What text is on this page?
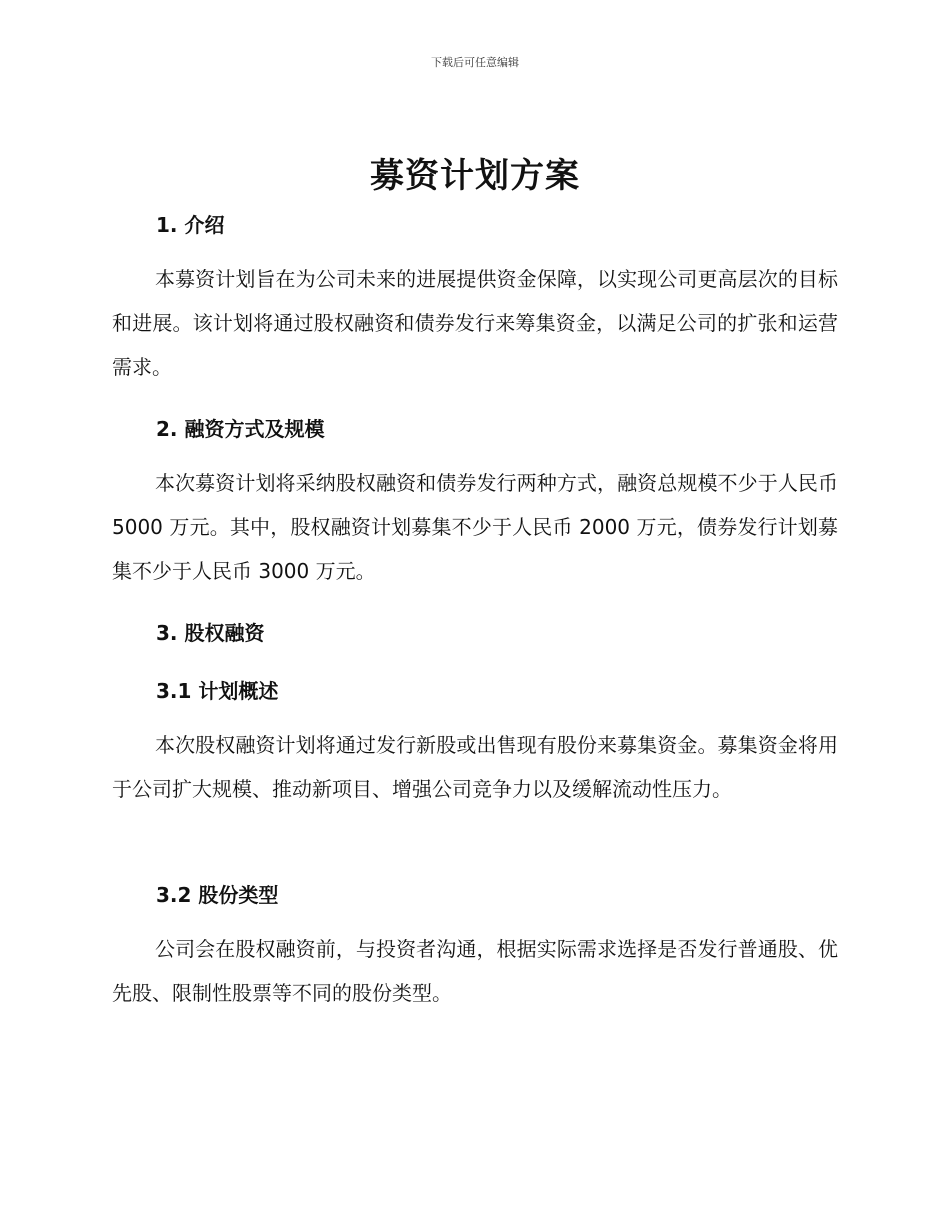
下载后可任意编辑
募资计划方案
1. 介绍
本募资计划旨在为公司未来的进展提供资金保障，以实现公司更高层次的目标和进展。该计划将通过股权融资和债券发行来筹集资金，以满足公司的扩张和运营需求。
2. 融资方式及规模
本次募资计划将采纳股权融资和债券发行两种方式，融资总规模不少于人民币 5000 万元。其中，股权融资计划募集不少于人民币 2000 万元，债券发行计划募集不少于人民币 3000 万元。
3. 股权融资
3.1 计划概述
本次股权融资计划将通过发行新股或出售现有股份来募集资金。募集资金将用于公司扩大规模、推动新项目、增强公司竞争力以及缓解流动性压力。
3.2 股份类型
公司会在股权融资前，与投资者沟通，根据实际需求选择是否发行普通股、优先股、限制性股票等不同的股份类型。
